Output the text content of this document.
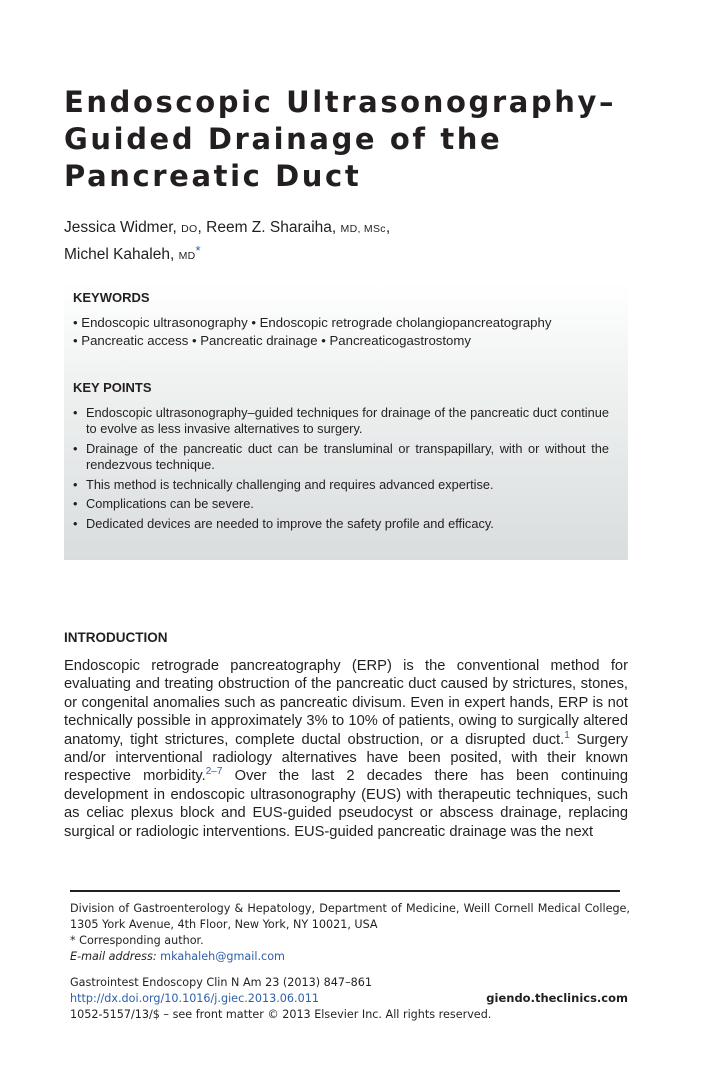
Endoscopic Ultrasonography– Guided Drainage of the Pancreatic Duct
Jessica Widmer, DO, Reem Z. Sharaiha, MD, MSc,
Michel Kahaleh, MD*
KEYWORDS
• Endoscopic ultrasonography • Endoscopic retrograde cholangiopancreatography
• Pancreatic access • Pancreatic drainage • Pancreaticogastrostomy
KEY POINTS
• Endoscopic ultrasonography–guided techniques for drainage of the pancreatic duct continue to evolve as less invasive alternatives to surgery.
• Drainage of the pancreatic duct can be transluminal or transpapillary, with or without the rendezvous technique.
• This method is technically challenging and requires advanced expertise.
• Complications can be severe.
• Dedicated devices are needed to improve the safety profile and efficacy.
INTRODUCTION

Endoscopic retrograde pancreatography (ERP) is the conventional method for evaluating and treating obstruction of the pancreatic duct caused by strictures, stones, or congenital anomalies such as pancreatic divisum. Even in expert hands, ERP is not technically possible in approximately 3% to 10% of patients, owing to surgically altered anatomy, tight strictures, complete ductal obstruction, or a disrupted duct.$^1$ Surgery and/or interventional radiology alternatives have been posited, with their known respective morbidity.$^{2-7}$ Over the last 2 decades there has been continuing development in endoscopic ultrasonography (EUS) with therapeutic techniques, such as celiac plexus block and EUS-guided pseudocyst or abscess drainage, replacing surgical or radiologic interventions. EUS-guided pancreatic drainage was the next

Division of Gastroenterology & Hepatology, Department of Medicine, Weill Cornell Medical College, 1305 York Avenue, 4th Floor, New York, NY 10021, USA
* Corresponding author.
E-mail address: mkahaleh@gmail.com
Gastrointest Endoscopy Clin N Am 23 (2013) 847–861
http://dx.doi.org/10.1016/j.giec.2013.06.011
1052-5157/13/$ – see front matter © 2013 Elsevier Inc. All rights reserved.
giendo.theclinics.com
